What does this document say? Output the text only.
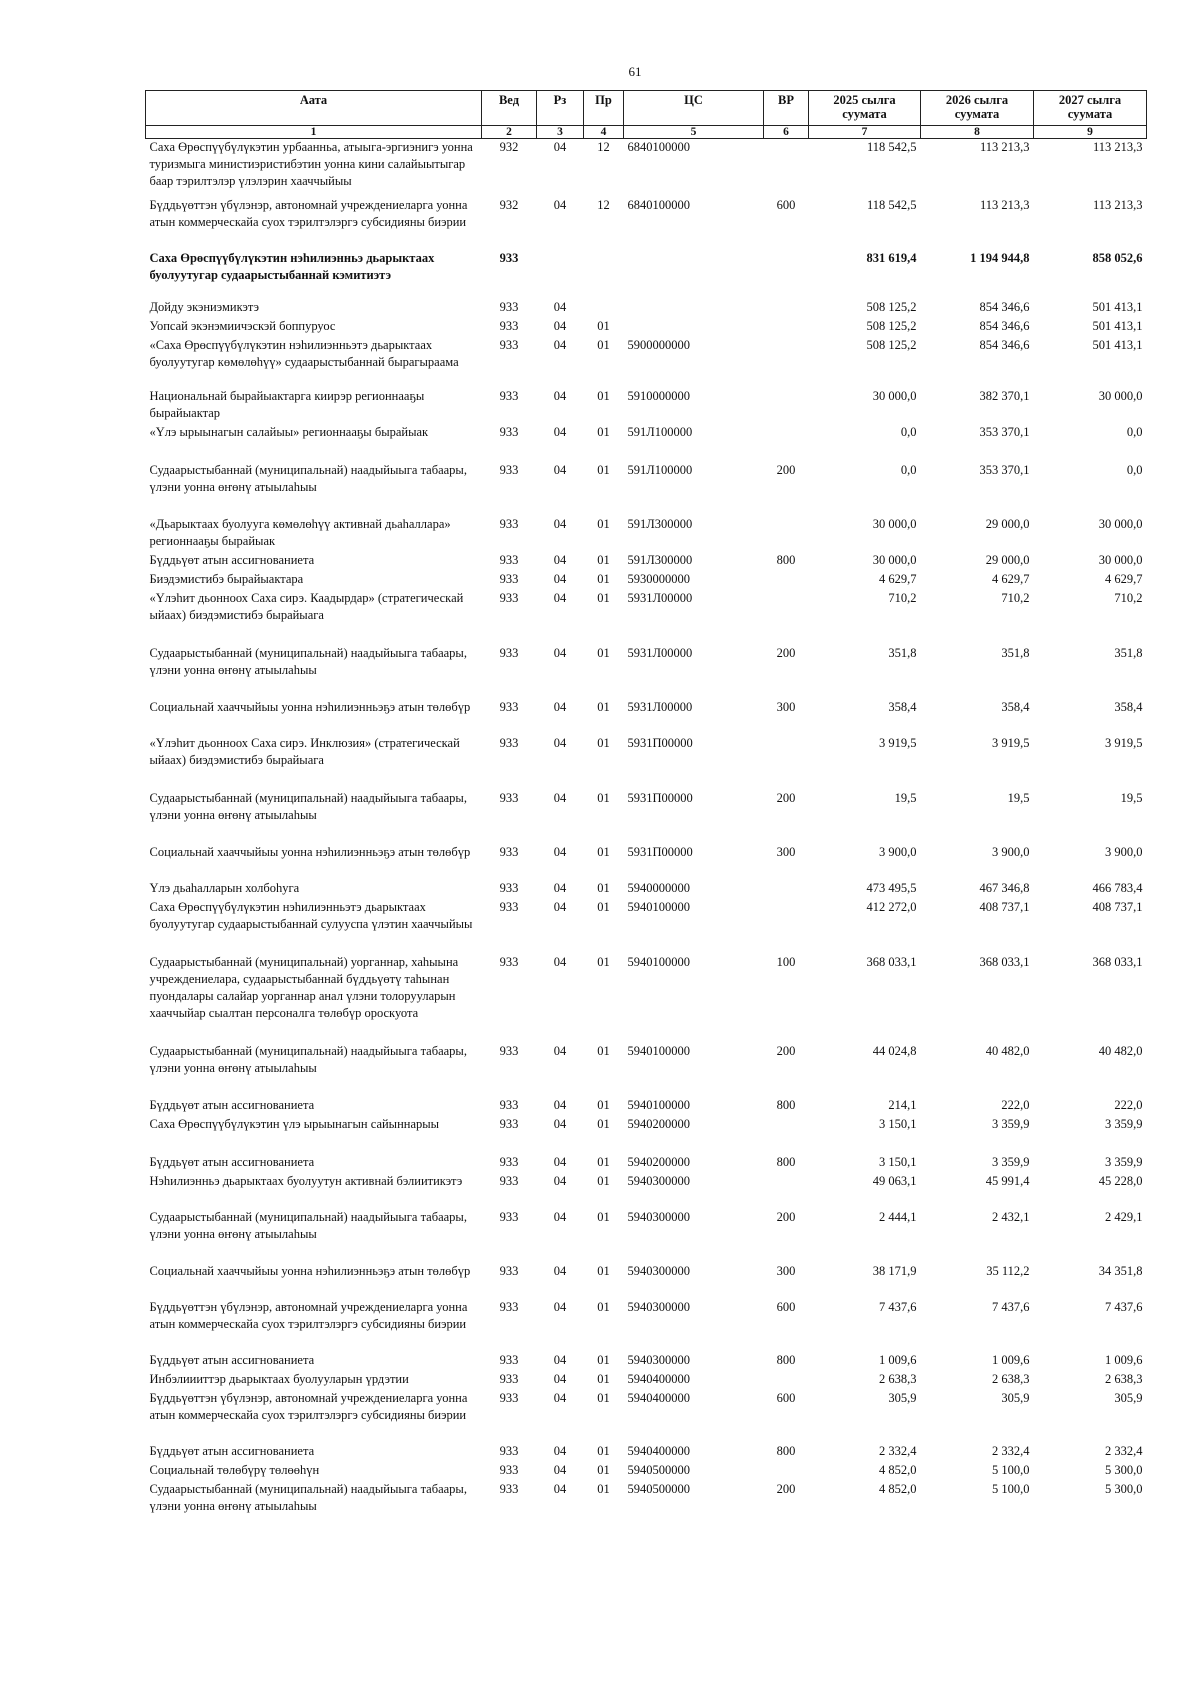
61
Аата	Вед	Рз	Пр	ЦС	ВР	2025 сылга суумата	2026 сылга суумата	2027 сылга суумата
1	2	3	4	5	6	7	8	9
Саха Өрөспүүбүлүкэтин урбаанньа, атыыга-эргиэнигэ уонна туризмыга министиэристибэтин уонна кини салайыытыгар баар тэрилтэлэр үлэлэрин хааччыйыы	932	04	12	6840100000		118 542,5	113 213,3	113 213,3
Бүддьүөттэн үбүлэнэр, автономнай учреждениеларга уонна атын коммерческайа суох тэрилтэлэргэ субсидияны биэрии	932	04	12	6840100000	600	118 542,5	113 213,3	113 213,3
Саха Өрөспүүбүлүкэтин нэһилиэнньэ дьарыктаах буолуутугар судаарыстыбаннай кэмитиэтэ	933					831 619,4	1 194 944,8	858 052,6
Дойду экэниэмикэтэ	933	04				508 125,2	854 346,6	501 413,1
Уопсай экэнэмиичэскэй боппуруос	933	04	01			508 125,2	854 346,6	501 413,1
«Саха Өрөспүүбүлүкэтин нэһилиэнньэтэ дьарыктаах буолуутугар көмөлөһүү» судаарыстыбаннай бырагыраама	933	04	01	5900000000		508 125,2	854 346,6	501 413,1
Национальнай бырайыактарга киирэр регионнааҕы бырайыактар	933	04	01	5910000000		30 000,0	382 370,1	30 000,0
«Үлэ ырыынагын салайыы» регионнааҕы бырайыак	933	04	01	591Л100000		0,0	353 370,1	0,0
Судаарыстыбаннай (муниципальнай) наадыйыыга табаары, үлэни уонна өҥөнү атыылаһыы	933	04	01	591Л100000	200	0,0	353 370,1	0,0
«Дьарыктаах буолууга көмөлөһүү активнай дьаһаллара» регионнааҕы бырайыак	933	04	01	591Л300000		30 000,0	29 000,0	30 000,0
Бүддьүөт атын ассигнованиета	933	04	01	591Л300000	800	30 000,0	29 000,0	30 000,0
Биэдэмистибэ бырайыактара	933	04	01	5930000000		4 629,7	4 629,7	4 629,7
«Үлэһит дьонноох Саха сирэ. Каадырдар» (стратегическай ыйаах) биэдэмистибэ бырайыага	933	04	01	5931Л00000		710,2	710,2	710,2
Судаарыстыбаннай (муниципальнай) наадыйыыга табаары, үлэни уонна өҥөнү атыылаһыы	933	04	01	5931Л00000	200	351,8	351,8	351,8
Социальнай хааччыйыы уонна нэһилиэнньэҕэ атын төлөбүр	933	04	01	5931Л00000	300	358,4	358,4	358,4
«Үлэһит дьонноох Саха сирэ. Инклюзия» (стратегическай ыйаах) биэдэмистибэ бырайыага	933	04	01	5931П00000		3 919,5	3 919,5	3 919,5
Судаарыстыбаннай (муниципальнай) наадыйыыга табаары, үлэни уонна өҥөнү атыылаһыы	933	04	01	5931П00000	200	19,5	19,5	19,5
Социальнай хааччыйыы уонна нэһилиэнньэҕэ атын төлөбүр	933	04	01	5931П00000	300	3 900,0	3 900,0	3 900,0
Үлэ дьаһалларын холбоһуга	933	04	01	5940000000		473 495,5	467 346,8	466 783,4
Саха Өрөспүүбүлүкэтин нэһилиэнньэтэ дьарыктаах буолуутугар судаарыстыбаннай сулууспа үлэтин хааччыйыы	933	04	01	5940100000		412 272,0	408 737,1	408 737,1
Судаарыстыбаннай (муниципальнай) уорганнар, хаһыына учреждениелара, судаарыстыбаннай бүддьүөтү таһынан пуондалары салайар уорганнар анал үлэни толорууларын хааччыйар сыалтан персоналга төлөбүр ороскуота	933	04	01	5940100000	100	368 033,1	368 033,1	368 033,1
Судаарыстыбаннай (муниципальнай) наадыйыыга табаары, үлэни уонна өҥөнү атыылаһыы	933	04	01	5940100000	200	44 024,8	40 482,0	40 482,0
Бүддьүөт атын ассигнованиета	933	04	01	5940100000	800	214,1	222,0	222,0
Саха Өрөспүүбүлүкэтин үлэ ырыынагын сайыннарыы	933	04	01	5940200000		3 150,1	3 359,9	3 359,9
Бүддьүөт атын ассигнованиета	933	04	01	5940200000	800	3 150,1	3 359,9	3 359,9
Нэһилиэнньэ дьарыктаах буолуутун активнай бэлиитикэтэ	933	04	01	5940300000		49 063,1	45 991,4	45 228,0
Судаарыстыбаннай (муниципальнай) наадыйыыга табаары, үлэни уонна өҥөнү атыылаһыы	933	04	01	5940300000	200	2 444,1	2 432,1	2 429,1
Социальнай хааччыйыы уонна нэһилиэнньэҕэ атын төлөбүр	933	04	01	5940300000	300	38 171,9	35 112,2	34 351,8
Бүддьүөттэн үбүлэнэр, автономнай учреждениеларга уонна атын коммерческайа суох тэрилтэлэргэ субсидияны биэрии	933	04	01	5940300000	600	7 437,6	7 437,6	7 437,6
Бүддьүөт атын ассигнованиета	933	04	01	5940300000	800	1 009,6	1 009,6	1 009,6
Инбэлиииттэр дьарыктаах буолууларын үрдэтии	933	04	01	5940400000		2 638,3	2 638,3	2 638,3
Бүддьүөттэн үбүлэнэр, автономнай учреждениеларга уонна атын коммерческайа суох тэрилтэлэргэ субсидияны биэрии	933	04	01	5940400000	600	305,9	305,9	305,9
Бүддьүөт атын ассигнованиета	933	04	01	5940400000	800	2 332,4	2 332,4	2 332,4
Социальнай төлөбүрү төлөөһүн	933	04	01	5940500000		4 852,0	5 100,0	5 300,0
Судаарыстыбаннай (муниципальнай) наадыйыыга табаары, үлэни уонна өҥөнү атыылаһыы	933	04	01	5940500000	200	4 852,0	5 100,0	5 300,0
